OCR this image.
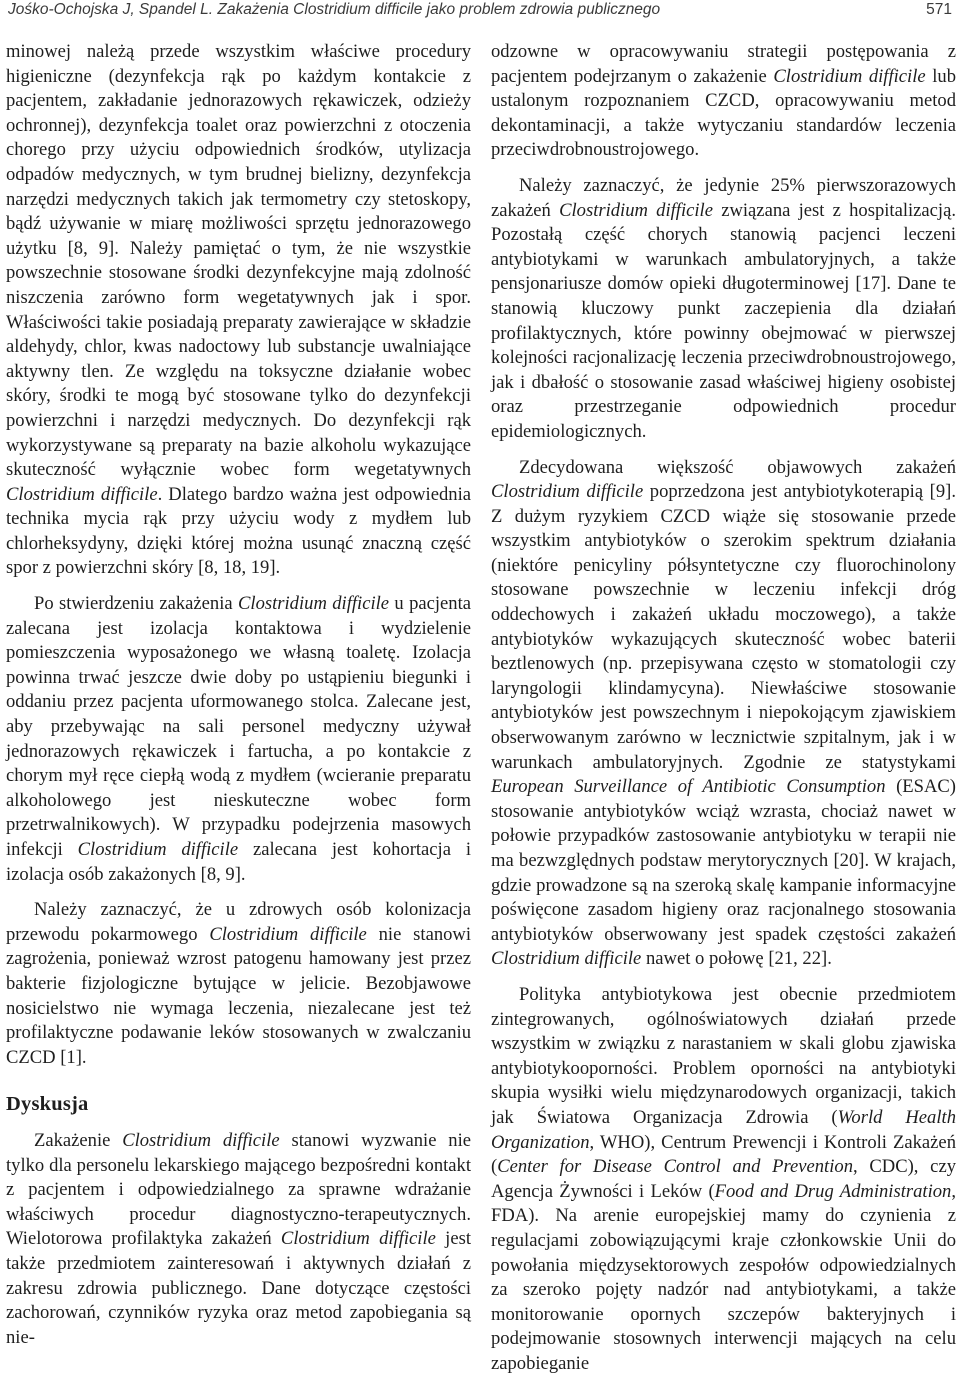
Jośko-Ochojska J, Spandel L. Zakażenia Clostridium difficile jako problem zdrowia publicznego	571

minowej należą przede wszystkim właściwe procedury higieniczne (dezynfekcja rąk po każdym kontakcie z pacjentem, zakładanie jednorazowych rękawiczek, odzieży ochronnej), dezynfekcja toalet oraz powierzchni z otoczenia chorego przy użyciu odpowiednich środków, utylizacja odpadów medycznych, w tym brudnej bielizny, dezynfekcja narzędzi medycznych takich jak termometry czy stetoskopy, bądź używanie w miarę możliwości sprzętu jednorazowego użytku [8, 9]. Należy pamiętać o tym, że nie wszystkie powszechnie stosowane środki dezynfekcyjne mają zdolność niszczenia zarówno form wegetatywnych jak i spor. Właściwości takie posiadają preparaty zawierające w składzie aldehydy, chlor, kwas nadoctowy lub substancje uwalniające aktywny tlen. Ze względu na toksyczne działanie wobec skóry, środki te mogą być stosowane tylko do dezynfekcji powierzchni i narzędzi medycznych. Do dezynfekcji rąk wykorzystywane są preparaty na bazie alkoholu wykazujące skuteczność wyłącznie wobec form wegetatywnych Clostridium difficile. Dlatego bardzo ważna jest odpowiednia technika mycia rąk przy użyciu wody z mydłem lub chlorheksydyny, dzięki której można usunąć znaczną część spor z powierzchni skóry [8, 18, 19].

Po stwierdzeniu zakażenia Clostridium difficile u pacjenta zalecana jest izolacja kontaktowa i wydzielenie pomieszczenia wyposażonego we własną toaletę. Izolacja powinna trwać jeszcze dwie doby po ustąpieniu biegunki i oddaniu przez pacjenta uformowanego stolca. Zalecane jest, aby przebywając na sali personel medyczny używał jednorazowych rękawiczek i fartucha, a po kontakcie z chorym mył ręce ciepłą wodą z mydłem (wcieranie preparatu alkoholowego jest nieskuteczne wobec form przetrwalnikowych). W przypadku podejrzenia masowych infekcji Clostridium difficile zalecana jest kohortacja i izolacja osób zakażonych [8, 9].

Należy zaznaczyć, że u zdrowych osób kolonizacja przewodu pokarmowego Clostridium difficile nie stanowi zagrożenia, ponieważ wzrost patogenu hamowany jest przez bakterie fizjologiczne bytujące w jelicie. Bezobjawowe nosicielstwo nie wymaga leczenia, niezalecane jest też profilaktyczne podawanie leków stosowanych w zwalczaniu CZCD [1].

Dyskusja

Zakażenie Clostridium difficile stanowi wyzwanie nie tylko dla personelu lekarskiego mającego bezpośredni kontakt z pacjentem i odpowiedzialnego za sprawne wdrażanie właściwych procedur diagnostyczno-terapeutycznych. Wielotorowa profilaktyka zakażeń Clostridium difficile jest także przedmiotem zainteresowań i aktywnych działań z zakresu zdrowia publicznego. Dane dotyczące częstości zachorowań, czynników ryzyka oraz metod zapobiegania są nie-

odzowne w opracowywaniu strategii postępowania z pacjentem podejrzanym o zakażenie Clostridium difficile lub ustalonym rozpoznaniem CZCD, opracowywaniu metod dekontaminacji, a także wytyczaniu standardów leczenia przeciwdrobnoustrojowego.

Należy zaznaczyć, że jedynie 25% pierwszorazowych zakażeń Clostridium difficile związana jest z hospitalizacją. Pozostałą część chorych stanowią pacjenci leczeni antybiotykami w warunkach ambulatoryjnych, a także pensjonariusze domów opieki długoterminowej [17]. Dane te stanowią kluczowy punkt zaczepienia dla działań profilaktycznych, które powinny obejmować w pierwszej kolejności racjonalizację leczenia przeciwdrobnoustrojowego, jak i dbałość o stosowanie zasad właściwej higieny osobistej oraz przestrzeganie odpowiednich procedur epidemiologicznych.

Zdecydowana większość objawowych zakażeń Clostridium difficile poprzedzona jest antybiotykoterapią [9]. Z dużym ryzykiem CZCD wiąże się stosowanie przede wszystkim antybiotyków o szerokim spektrum działania (niektóre penicyliny półsyntetyczne czy fluorochinolony stosowane powszechnie w leczeniu infekcji dróg oddechowych i zakażeń układu moczowego), a także antybiotyków wykazujących skuteczność wobec baterii beztlenowych (np. przepisywana często w stomatologii czy laryngologii klindamycyna). Niewłaściwe stosowanie antybiotyków jest powszechnym i niepokojącym zjawiskiem obserwowanym zarówno w lecznictwie szpitalnym, jak i w warunkach ambulatoryjnych. Zgodnie ze statystykami European Surveillance of Antibiotic Consumption (ESAC) stosowanie antybiotyków wciąż wzrasta, chociaż nawet w połowie przypadków zastosowanie antybiotyku w terapii nie ma bezwzględnych podstaw merytorycznych [20]. W krajach, gdzie prowadzone są na szeroką skalę kampanie informacyjne poświęcone zasadom higieny oraz racjonalnego stosowania antybiotyków obserwowany jest spadek częstości zakażeń Clostridium difficile nawet o połowę [21, 22].

Polityka antybiotykowa jest obecnie przedmiotem zintegrowanych, ogólnoświatowych działań przede wszystkim w związku z narastaniem w skali globu zjawiska antybiotykooporności. Problem oporności na antybiotyki skupia wysiłki wielu międzynarodowych organizacji, takich jak Światowa Organizacja Zdrowia (World Health Organization, WHO), Centrum Prewencji i Kontroli Zakażeń (Center for Disease Control and Prevention, CDC), czy Agencja Żywności i Leków (Food and Drug Administration, FDA). Na arenie europejskiej mamy do czynienia z regulacjami zobowiązującymi kraje członkowskie Unii do powołania międzysektorowych zespołów odpowiedzialnych za szeroko pojęty nadzór nad antybiotykami, a także monitorowanie opornych szczepów bakteryjnych i podejmowanie stosownych interwencji mających na celu zapobieganie
